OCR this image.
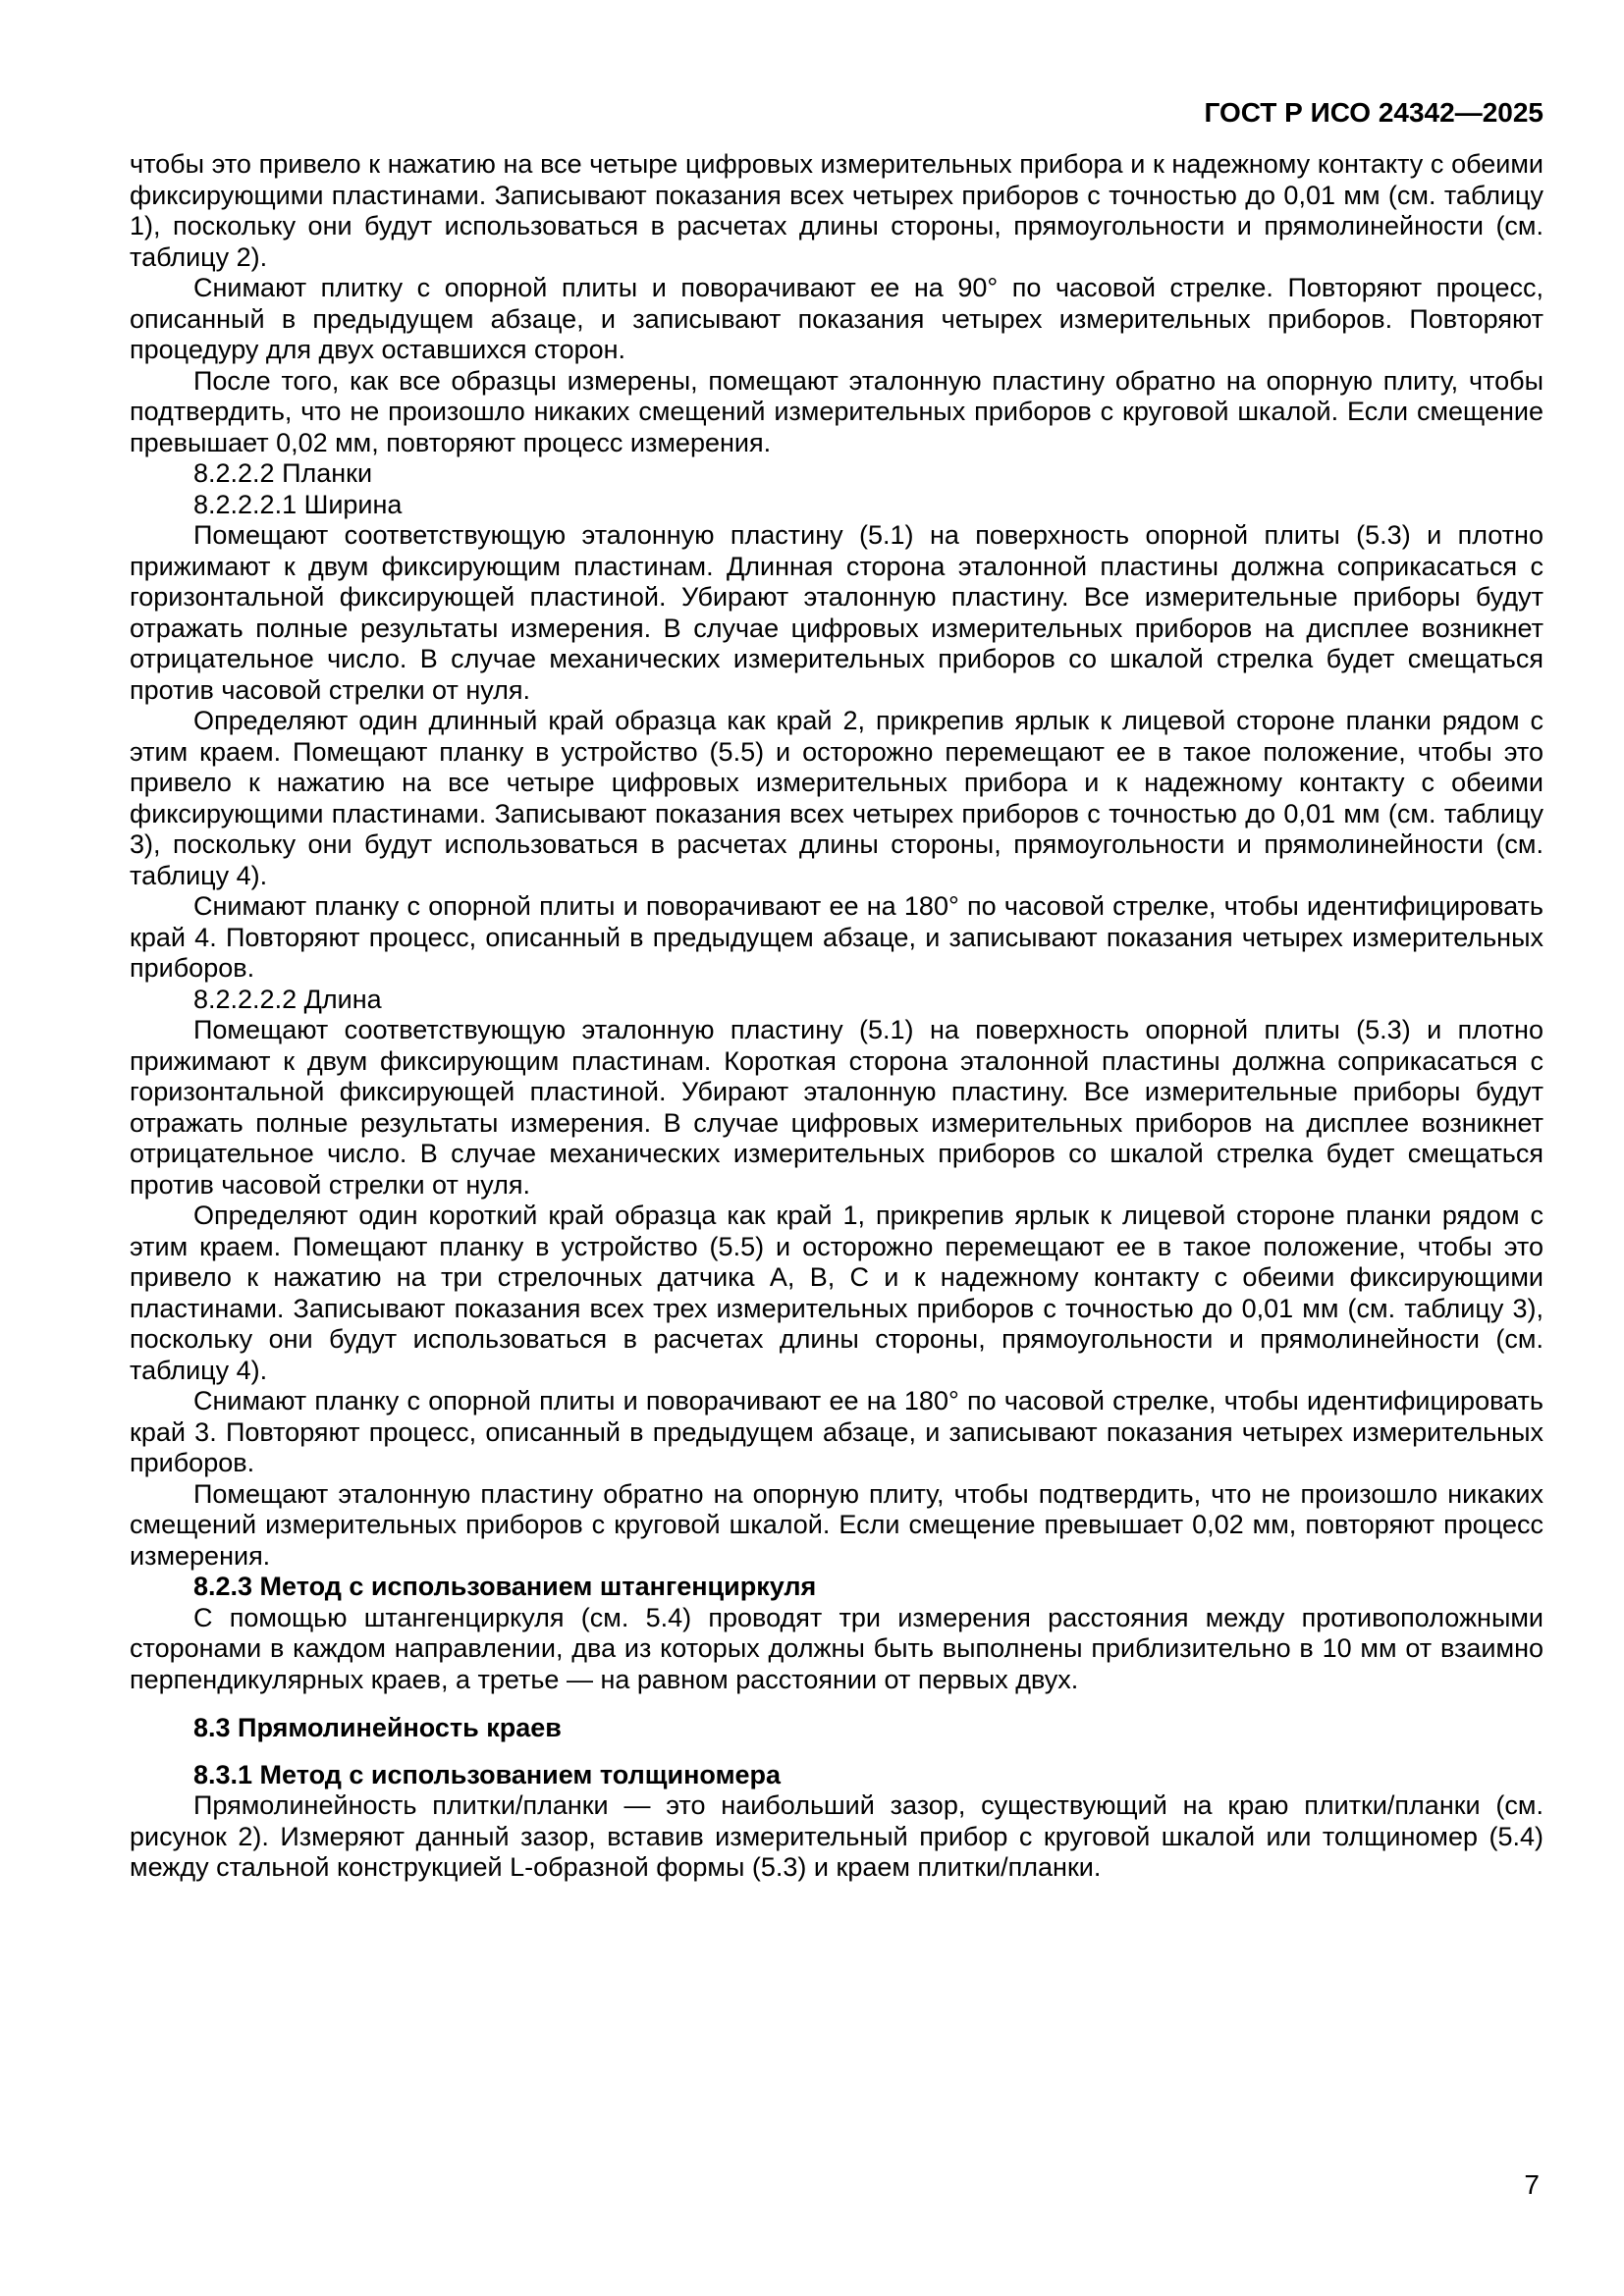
ГОСТ Р ИСО 24342—2025

чтобы это привело к нажатию на все четыре цифровых измерительных прибора и к надежному контакту с обеими фиксирующими пластинами. Записывают показания всех четырех приборов с точностью до 0,01 мм (см. таблицу 1), поскольку они будут использоваться в расчетах длины стороны, прямоугольности и прямолинейности (см. таблицу 2).

Снимают плитку с опорной плиты и поворачивают ее на 90° по часовой стрелке. Повторяют процесс, описанный в предыдущем абзаце, и записывают показания четырех измерительных приборов. Повторяют процедуру для двух оставшихся сторон.

После того, как все образцы измерены, помещают эталонную пластину обратно на опорную плиту, чтобы подтвердить, что не произошло никаких смещений измерительных приборов с круговой шкалой. Если смещение превышает 0,02 мм, повторяют процесс измерения.

8.2.2.2 Планки

8.2.2.2.1 Ширина

Помещают соответствующую эталонную пластину (5.1) на поверхность опорной плиты (5.3) и плотно прижимают к двум фиксирующим пластинам. Длинная сторона эталонной пластины должна соприкасаться с горизонтальной фиксирующей пластиной. Убирают эталонную пластину. Все измерительные приборы будут отражать полные результаты измерения. В случае цифровых измерительных приборов на дисплее возникнет отрицательное число. В случае механических измерительных приборов со шкалой стрелка будет смещаться против часовой стрелки от нуля.

Определяют один длинный край образца как край 2, прикрепив ярлык к лицевой стороне планки рядом с этим краем. Помещают планку в устройство (5.5) и осторожно перемещают ее в такое положение, чтобы это привело к нажатию на все четыре цифровых измерительных прибора и к надежному контакту с обеими фиксирующими пластинами. Записывают показания всех четырех приборов с точностью до 0,01 мм (см. таблицу 3), поскольку они будут использоваться в расчетах длины стороны, прямоугольности и прямолинейности (см. таблицу 4).

Снимают планку с опорной плиты и поворачивают ее на 180° по часовой стрелке, чтобы идентифицировать край 4. Повторяют процесс, описанный в предыдущем абзаце, и записывают показания четырех измерительных приборов.

8.2.2.2.2 Длина

Помещают соответствующую эталонную пластину (5.1) на поверхность опорной плиты (5.3) и плотно прижимают к двум фиксирующим пластинам. Короткая сторона эталонной пластины должна соприкасаться с горизонтальной фиксирующей пластиной. Убирают эталонную пластину. Все измерительные приборы будут отражать полные результаты измерения. В случае цифровых измерительных приборов на дисплее возникнет отрицательное число. В случае механических измерительных приборов со шкалой стрелка будет смещаться против часовой стрелки от нуля.

Определяют один короткий край образца как край 1, прикрепив ярлык к лицевой стороне планки рядом с этим краем. Помещают планку в устройство (5.5) и осторожно перемещают ее в такое положение, чтобы это привело к нажатию на три стрелочных датчика A, B, C и к надежному контакту с обеими фиксирующими пластинами. Записывают показания всех трех измерительных приборов с точностью до 0,01 мм (см. таблицу 3), поскольку они будут использоваться в расчетах длины стороны, прямоугольности и прямолинейности (см. таблицу 4).

Снимают планку с опорной плиты и поворачивают ее на 180° по часовой стрелке, чтобы идентифицировать край 3. Повторяют процесс, описанный в предыдущем абзаце, и записывают показания четырех измерительных приборов.

Помещают эталонную пластину обратно на опорную плиту, чтобы подтвердить, что не произошло никаких смещений измерительных приборов с круговой шкалой. Если смещение превышает 0,02 мм, повторяют процесс измерения.

8.2.3 Метод с использованием штангенциркуля

С помощью штангенциркуля (см. 5.4) проводят три измерения расстояния между противоположными сторонами в каждом направлении, два из которых должны быть выполнены приблизительно в 10 мм от взаимно перпендикулярных краев, а третье — на равном расстоянии от первых двух.

8.3 Прямолинейность краев

8.3.1 Метод с использованием толщиномера

Прямолинейность плитки/планки — это наибольший зазор, существующий на краю плитки/планки (см. рисунок 2). Измеряют данный зазор, вставив измерительный прибор с круговой шкалой или толщиномер (5.4) между стальной конструкцией L-образной формы (5.3) и краем плитки/планки.

7
